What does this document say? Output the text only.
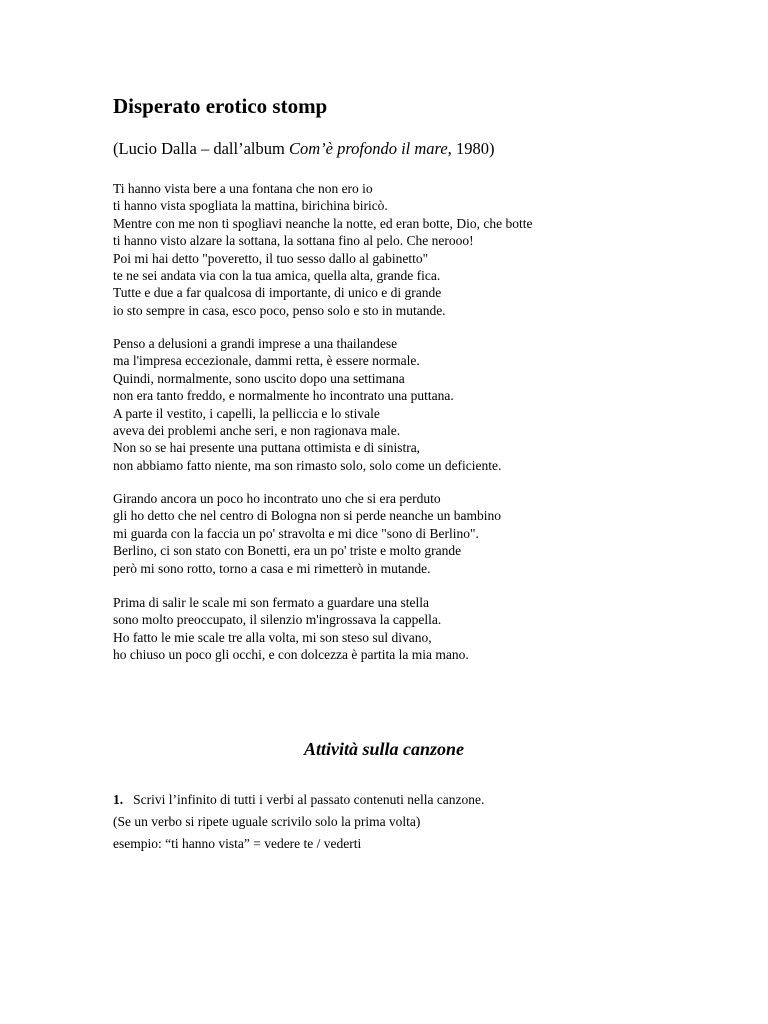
Disperato erotico stomp

(Lucio Dalla – dall’album Com’è profondo il mare, 1980)

Ti hanno vista bere a una fontana che non ero io
ti hanno vista spogliata la mattina, birichina biricò.
Mentre con me non ti spogliavi neanche la notte, ed eran botte, Dio, che botte
ti hanno visto alzare la sottana, la sottana fino al pelo. Che nerooo!
Poi mi hai detto "poveretto, il tuo sesso dallo al gabinetto"
te ne sei andata via con la tua amica, quella alta, grande fica.
Tutte e due a far qualcosa di importante, di unico e di grande
io sto sempre in casa, esco poco, penso solo e sto in mutande.
Penso a delusioni a grandi imprese a una thailandese
ma l'impresa eccezionale, dammi retta, è essere normale.
Quindi, normalmente, sono uscito dopo una settimana
non era tanto freddo, e normalmente ho incontrato una puttana.
A parte il vestito, i capelli, la pelliccia e lo stivale
aveva dei problemi anche seri, e non ragionava male.
Non so se hai presente una puttana ottimista e di sinistra,
non abbiamo fatto niente, ma son rimasto solo, solo come un deficiente.
Girando ancora un poco ho incontrato uno che si era perduto
gli ho detto che nel centro di Bologna non si perde neanche un bambino
mi guarda con la faccia un po' stravolta e mi dice "sono di Berlino".
Berlino, ci son stato con Bonetti, era un po' triste e molto grande
però mi sono rotto, torno a casa e mi rimetterò in mutande.
Prima di salir le scale mi son fermato a guardare una stella
sono molto preoccupato, il silenzio m'ingrossava la cappella.
Ho fatto le mie scale tre alla volta, mi son steso sul divano,
ho chiuso un poco gli occhi, e con dolcezza è partita la mia mano.
Attività sulla canzone
1. Scrivi l’infinito di tutti i verbi al passato contenuti nella canzone.
(Se un verbo si ripete uguale scrivilo solo la prima volta)
esempio: “ti hanno vista” = vedere te / vederti
